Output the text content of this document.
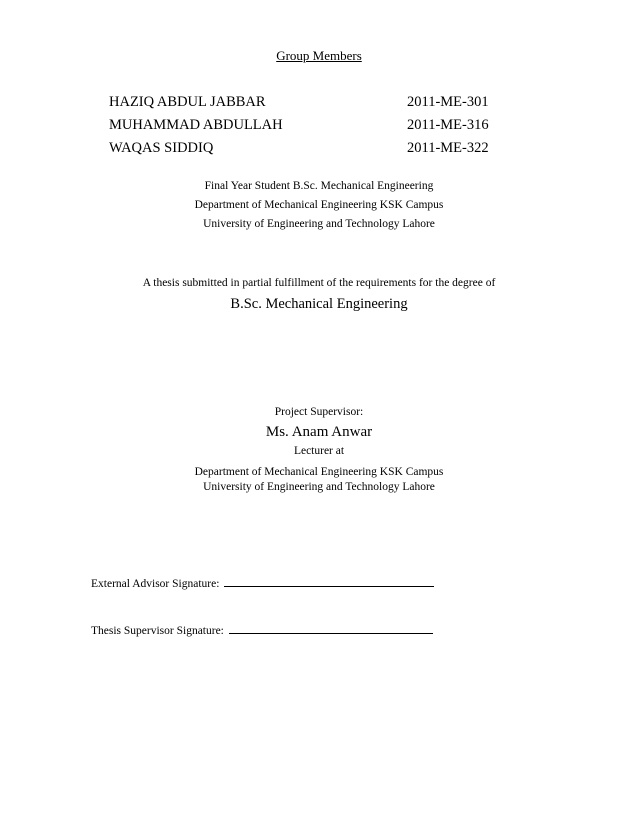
Group Members
HAZIQ ABDUL JABBAR	2011-ME-301
MUHAMMAD ABDULLAH	2011-ME-316
WAQAS SIDDIQ	2011-ME-322
Final Year Student B.Sc. Mechanical Engineering
Department of Mechanical Engineering KSK Campus
University of Engineering and Technology Lahore
A thesis submitted in partial fulfillment of the requirements for the degree of
B.Sc. Mechanical Engineering
Project Supervisor:
Ms. Anam Anwar
Lecturer at
Department of Mechanical Engineering KSK Campus
University of Engineering and Technology Lahore
External Advisor Signature:
Thesis Supervisor Signature:
